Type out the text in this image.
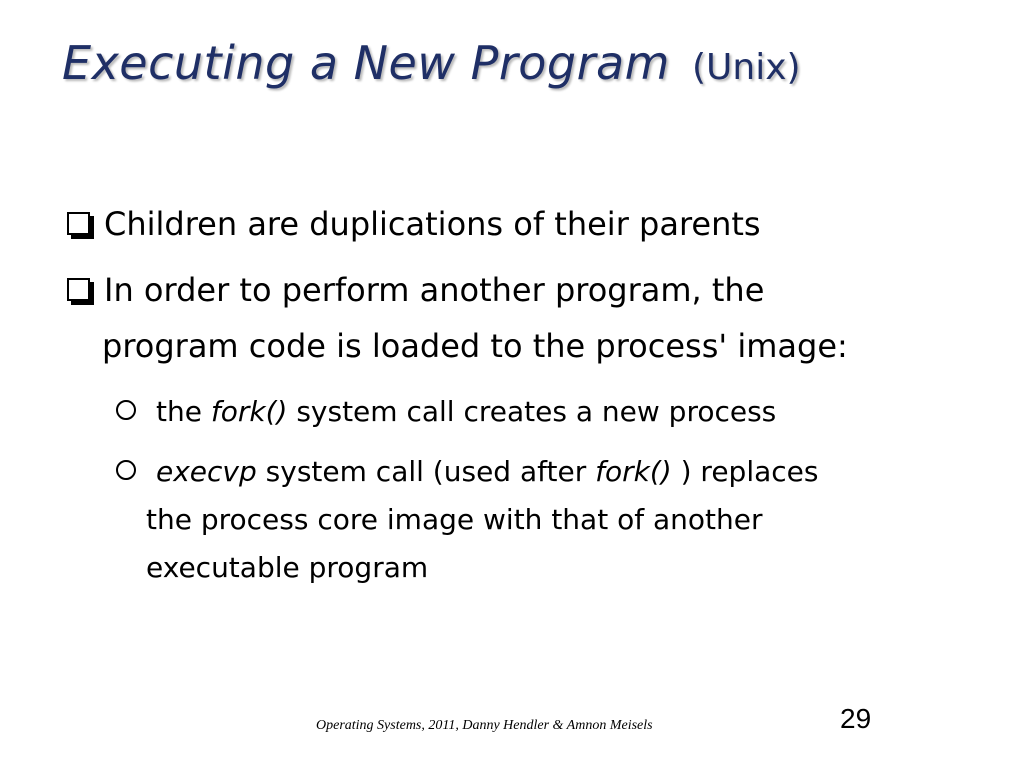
Executing a New Program (Unix)
Children are duplications of their parents
In order to perform another program, the
program code is loaded to the process' image:
the fork() system call creates a new process
execvp system call (used after fork() ) replaces
the process core image with that of another
executable program
Operating Systems, 2011, Danny Hendler & Amnon Meisels	29
